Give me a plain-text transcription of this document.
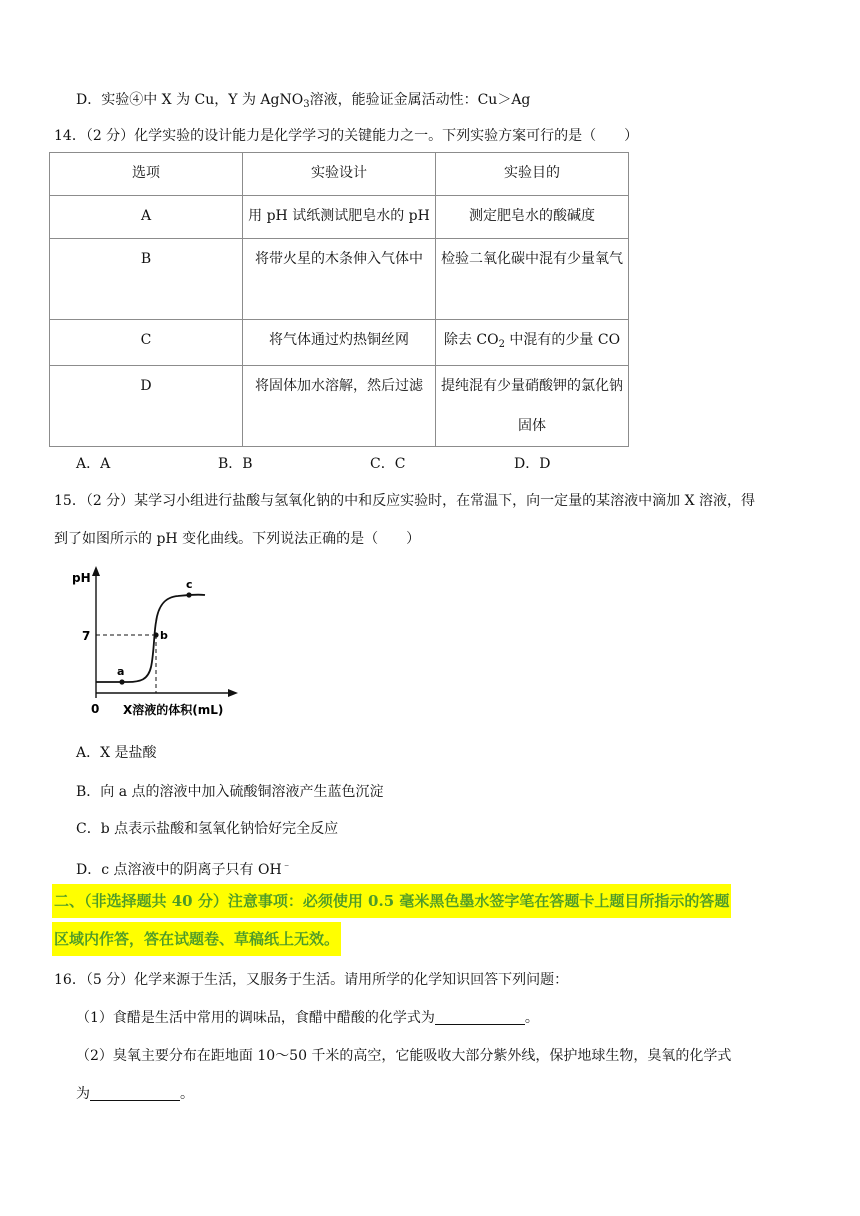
D．实验④中 X 为 Cu，Y 为 AgNO$_3$溶液，能验证金属活动性：Cu＞Ag
14．（2 分）化学实验的设计能力是化学学习的关键能力之一。下列实验方案可行的是（　　）
选项	实验设计	实验目的
A	用 pH 试纸测试肥皂水的 pH	测定肥皂水的酸碱度
B	将带火星的木条伸入气体中	检验二氧化碳中混有少量氧气
C	将气体通过灼热铜丝网	除去 $CO_2$ 中混有的少量 CO
D	将固体加水溶解，然后过滤	提纯混有少量硝酸钾的氯化钠固体
A．A	B．B	C．C	D．D
15．（2 分）某学习小组进行盐酸与氢氧化钠的中和反应实验时，在常温下，向一定量的某溶液中滴加 X 溶液，得
到了如图所示的 pH 变化曲线。下列说法正确的是（　　）
pH
7
0 X溶液的体积(mL)
a
b
c
A．X 是盐酸
B．向 a 点的溶液中加入硫酸铜溶液产生蓝色沉淀
C．b 点表示盐酸和氢氧化钠恰好完全反应
D．c 点溶液中的阴离子只有 OH﹣
二、（非选择题共 40 分）注意事项：必须使用 0.5 毫米黑色墨水签字笔在答题卡上题目所指示的答题
区域内作答，答在试题卷、草稿纸上无效。
16．（5 分）化学来源于生活，又服务于生活。请用所学的化学知识回答下列问题：
（1）食醋是生活中常用的调味品，食醋中醋酸的化学式为	。
（2）臭氧主要分布在距地面 10～50 千米的高空，它能吸收大部分紫外线，保护地球生物，臭氧的化学式
为	。
